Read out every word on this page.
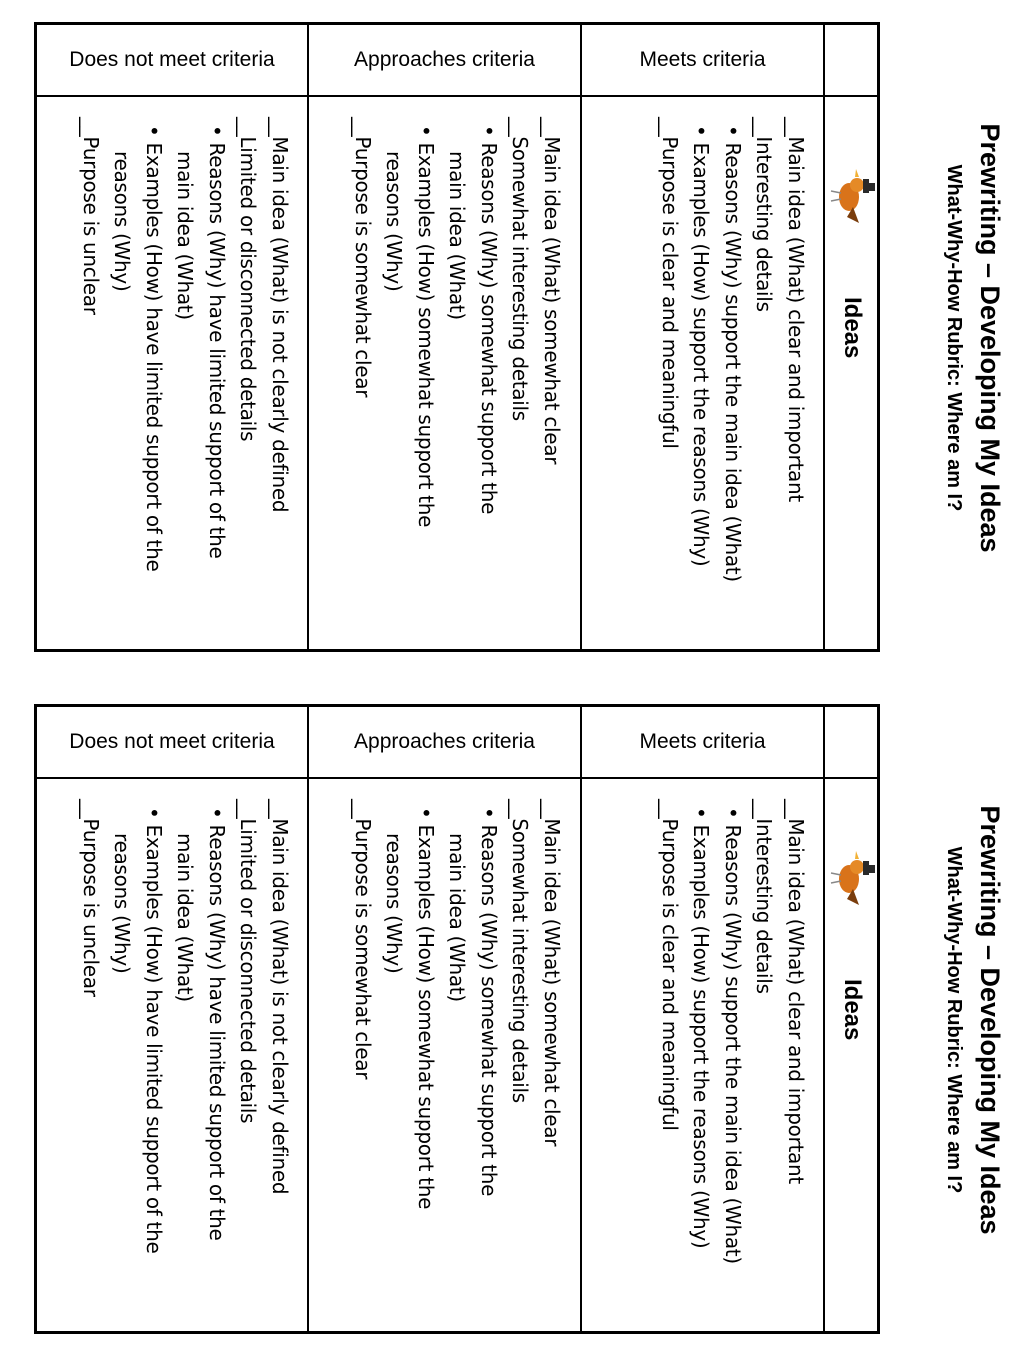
Does not meet criteria	Approaches criteria	Meets criteria
__Main idea (What) is not clearly defined
__Limited or disconnected details
• Reasons (Why) have limited support of the
main idea (What)
• Examples (How) have limited support of the
reasons (Why)
__Purpose is unclear	__Main idea (What) somewhat clear
__Somewhat interesting details
• Reasons (Why) somewhat support the
main idea (What)
• Examples (How) somewhat support the
reasons (Why)
__Purpose is somewhat clear	__Main idea (What) clear and important
__Interesting details
• Reasons (Why) support the main idea (What)
• Examples (How) support the reasons (Why)
__Purpose is clear and meaningful	Ideas	Prewriting – Developing My Ideas
What-Why-How Rubric: Where am I?
Does not meet criteria	Approaches criteria	Meets criteria
__Main idea (What) is not clearly defined
__Limited or disconnected details
• Reasons (Why) have limited support of the
main idea (What)
• Examples (How) have limited support of the
reasons (Why)
__Purpose is unclear	__Main idea (What) somewhat clear
__Somewhat interesting details
• Reasons (Why) somewhat support the
main idea (What)
• Examples (How) somewhat support the
reasons (Why)
__Purpose is somewhat clear	__Main idea (What) clear and important
__Interesting details
• Reasons (Why) support the main idea (What)
• Examples (How) support the reasons (Why)
__Purpose is clear and meaningful	Ideas	Prewriting – Developing My Ideas
What-Why-How Rubric: Where am I?
